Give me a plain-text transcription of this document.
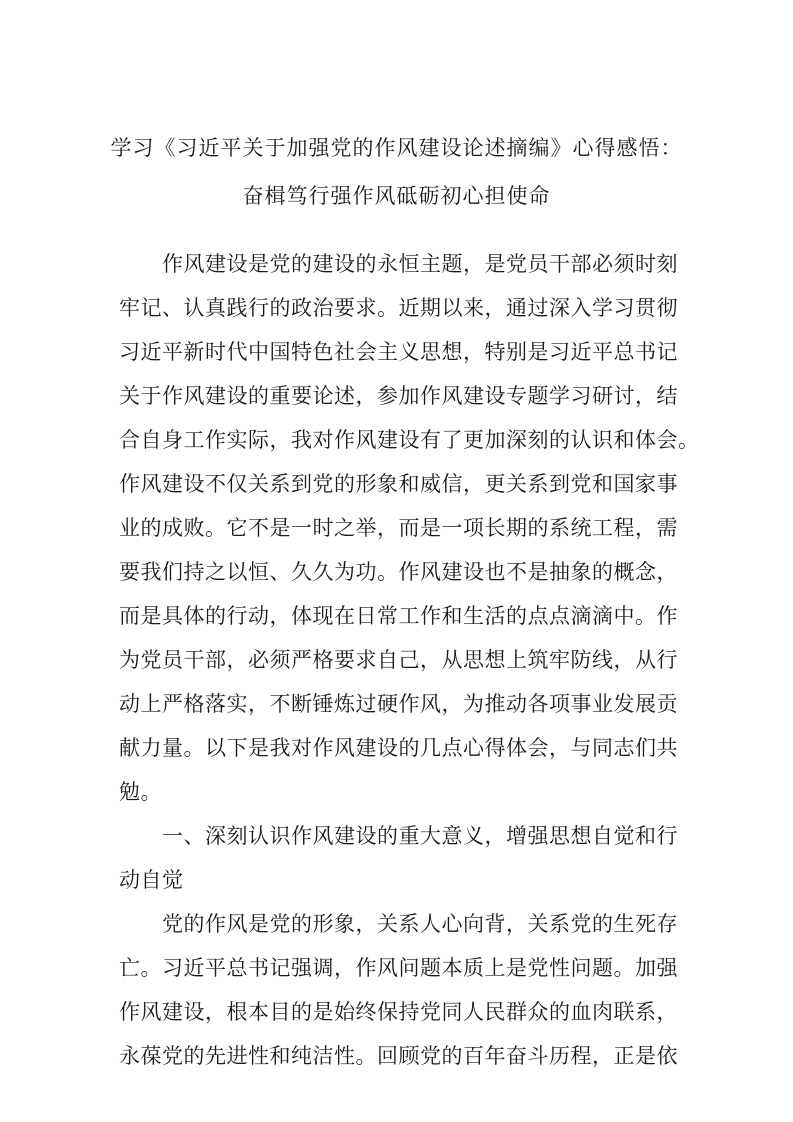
学习《习近平关于加强党的作风建设论述摘编》心得感悟：
奋楫笃行强作风砥砺初心担使命
作风建设是党的建设的永恒主题，是党员干部必须时刻
牢记、认真践行的政治要求。近期以来，通过深入学习贯彻
习近平新时代中国特色社会主义思想，特别是习近平总书记
关于作风建设的重要论述，参加作风建设专题学习研讨，结
合自身工作实际，我对作风建设有了更加深刻的认识和体会。
作风建设不仅关系到党的形象和威信，更关系到党和国家事
业的成败。它不是一时之举，而是一项长期的系统工程，需
要我们持之以恒、久久为功。作风建设也不是抽象的概念，
而是具体的行动，体现在日常工作和生活的点点滴滴中。作
为党员干部，必须严格要求自己，从思想上筑牢防线，从行
动上严格落实，不断锤炼过硬作风，为推动各项事业发展贡
献力量。以下是我对作风建设的几点心得体会，与同志们共
勉。
一、深刻认识作风建设的重大意义，增强思想自觉和行
动自觉
党的作风是党的形象，关系人心向背，关系党的生死存
亡。习近平总书记强调，作风问题本质上是党性问题。加强
作风建设，根本目的是始终保持党同人民群众的血肉联系，
永葆党的先进性和纯洁性。回顾党的百年奋斗历程，正是依
